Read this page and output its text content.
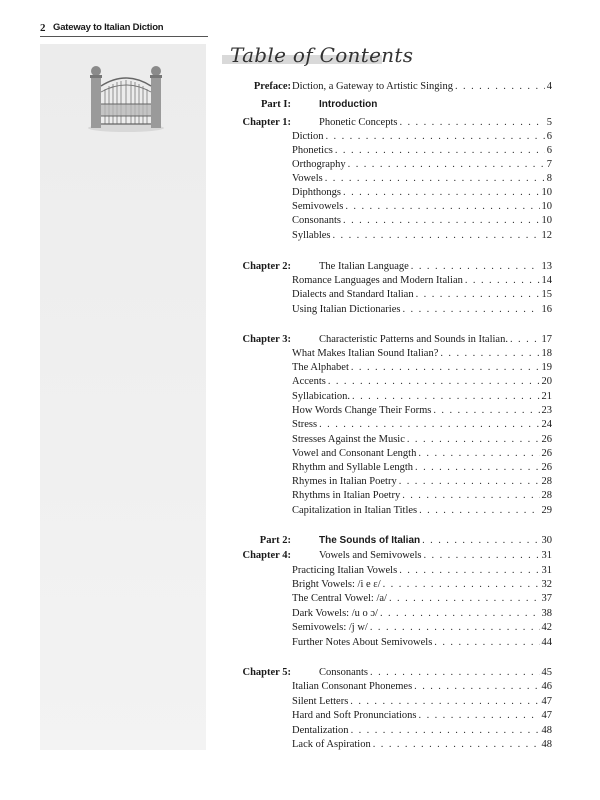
2 Gateway to Italian Diction
Table of Contents
Preface: Diction, a Gateway to Artistic Singing . . .	4
Part I:	Introduction
Chapter 1:	Phonetic Concepts . . .	5
Diction . . .	6
Phonetics . . .	6
Orthography . . .	7
Vowels . . .	8
Diphthongs . . .	10
Semivowels . . .	10
Consonants . . .	10
Syllables . . .	12
Chapter 2:	The Italian Language . . .	13
Romance Languages and Modern Italian . . .	14
Dialects and Standard Italian . . .	15
Using Italian Dictionaries . . .	16
Chapter 3:	Characteristic Patterns and Sounds in Italian. . . .	17
What Makes Italian Sound Italian? . . .	18
The Alphabet . . .	19
Accents . . .	20
Syllabication. . . .	21
How Words Change Their Forms . . .	23
Stress . . .	24
Stresses Against the Music . . .	26
Vowel and Consonant Length . . .	26
Rhythm and Syllable Length . . .	26
Rhymes in Italian Poetry . . .	28
Rhythms in Italian Poetry . . .	28
Capitalization in Italian Titles . . .	29
Part 2:	The Sounds of Italian . . .	30
Chapter 4:	Vowels and Semivowels . . .	31
Practicing Italian Vowels . . .	31
Bright Vowels: /i e ɛ/ . . .	32
The Central Vowel: /a/ . . .	37
Dark Vowels: /u o ɔ/ . . .	38
Semivowels: /j w/ . . .	42
Further Notes About Semivowels . . .	44
Chapter 5:	Consonants . . .	45
Italian Consonant Phonemes . . .	46
Silent Letters . . .	47
Hard and Soft Pronunciations . . .	47
Dentalization . . .	48
Lack of Aspiration . . .	48
